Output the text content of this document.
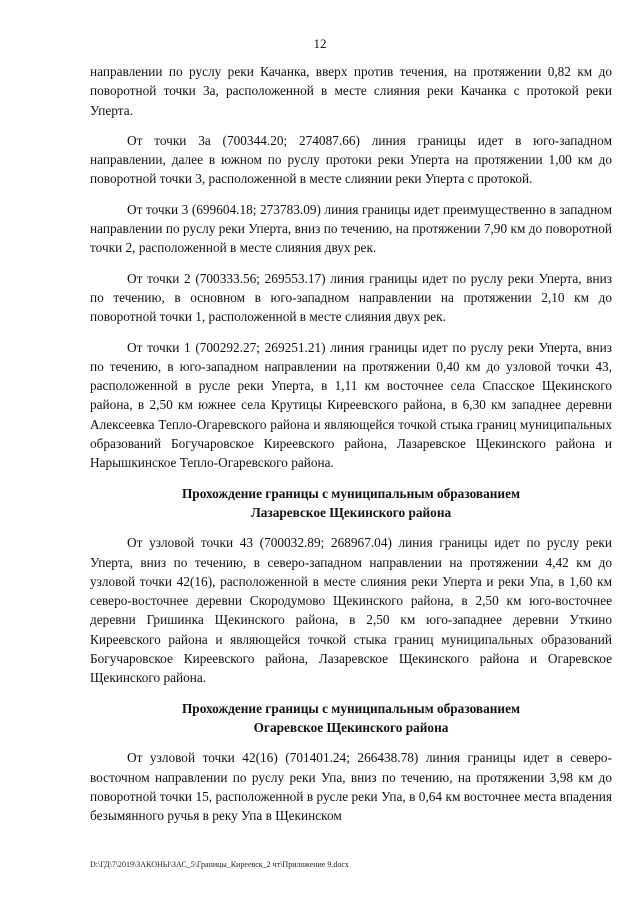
12

направлении по руслу реки Качанка, вверх против течения, на протяжении 0,82 км до поворотной точки 3а, расположенной в месте слияния реки Качанка с протокой реки Уперта.

От точки 3а (700344.20; 274087.66) линия границы идет в юго-западном направлении, далее в южном по руслу протоки реки Уперта на протяжении 1,00 км до поворотной точки 3, расположенной в месте слиянии реки Уперта с протокой.

От точки 3 (699604.18; 273783.09) линия границы идет преимущественно в западном направлении по руслу реки Уперта, вниз по течению, на протяжении 7,90 км до поворотной точки 2, расположенной в месте слияния двух рек.

От точки 2 (700333.56; 269553.17) линия границы идет по руслу реки Уперта, вниз по течению, в основном в юго-западном направлении на протяжении 2,10 км до поворотной точки 1, расположенной в месте слияния двух рек.

От точки 1 (700292.27; 269251.21) линия границы идет по руслу реки Уперта, вниз по течению, в юго-западном направлении на протяжении 0,40 км до узловой точки 43, расположенной в русле реки Уперта, в 1,11 км восточнее села Спасское Щекинского района, в 2,50 км южнее села Крутицы Киреевского района, в 6,30 км западнее деревни Алексеевка Тепло-Огаревского района и являющейся точкой стыка границ муниципальных образований Богучаровское Киреевского района, Лазаревское Щекинского района и Нарышкинское Тепло-Огаревского района.

Прохождение границы с муниципальным образованием
Лазаревское Щекинского района

От узловой точки 43 (700032.89; 268967.04) линия границы идет по руслу реки Уперта, вниз по течению, в северо-западном направлении на протяжении 4,42 км до узловой точки 42(16), расположенной в месте слияния реки Уперта и реки Упа, в 1,60 км северо-восточнее деревни Скородумово Щекинского района, в 2,50 км юго-восточнее деревни Гришинка Щекинского района, в 2,50 км юго-западнее деревни Уткино Киреевского района и являющейся точкой стыка границ муниципальных образований Богучаровское Киреевского района, Лазаревское Щекинского района и Огаревское Щекинского района.

Прохождение границы с муниципальным образованием
Огаревское Щекинского района

От узловой точки 42(16) (701401.24; 266438.78) линия границы идет в северо-восточном направлении по руслу реки Упа, вниз по течению, на протяжении 3,98 км до поворотной точки 15, расположенной в русле реки Упа, в 0,64 км восточнее места впадения безымянного ручья в реку Упа в Щекинском

D:\ГД\7\2019\ЗАКОНЫ\ЗАС_5\Границы_Киреевск_2 чт\Приложение 9.docx
